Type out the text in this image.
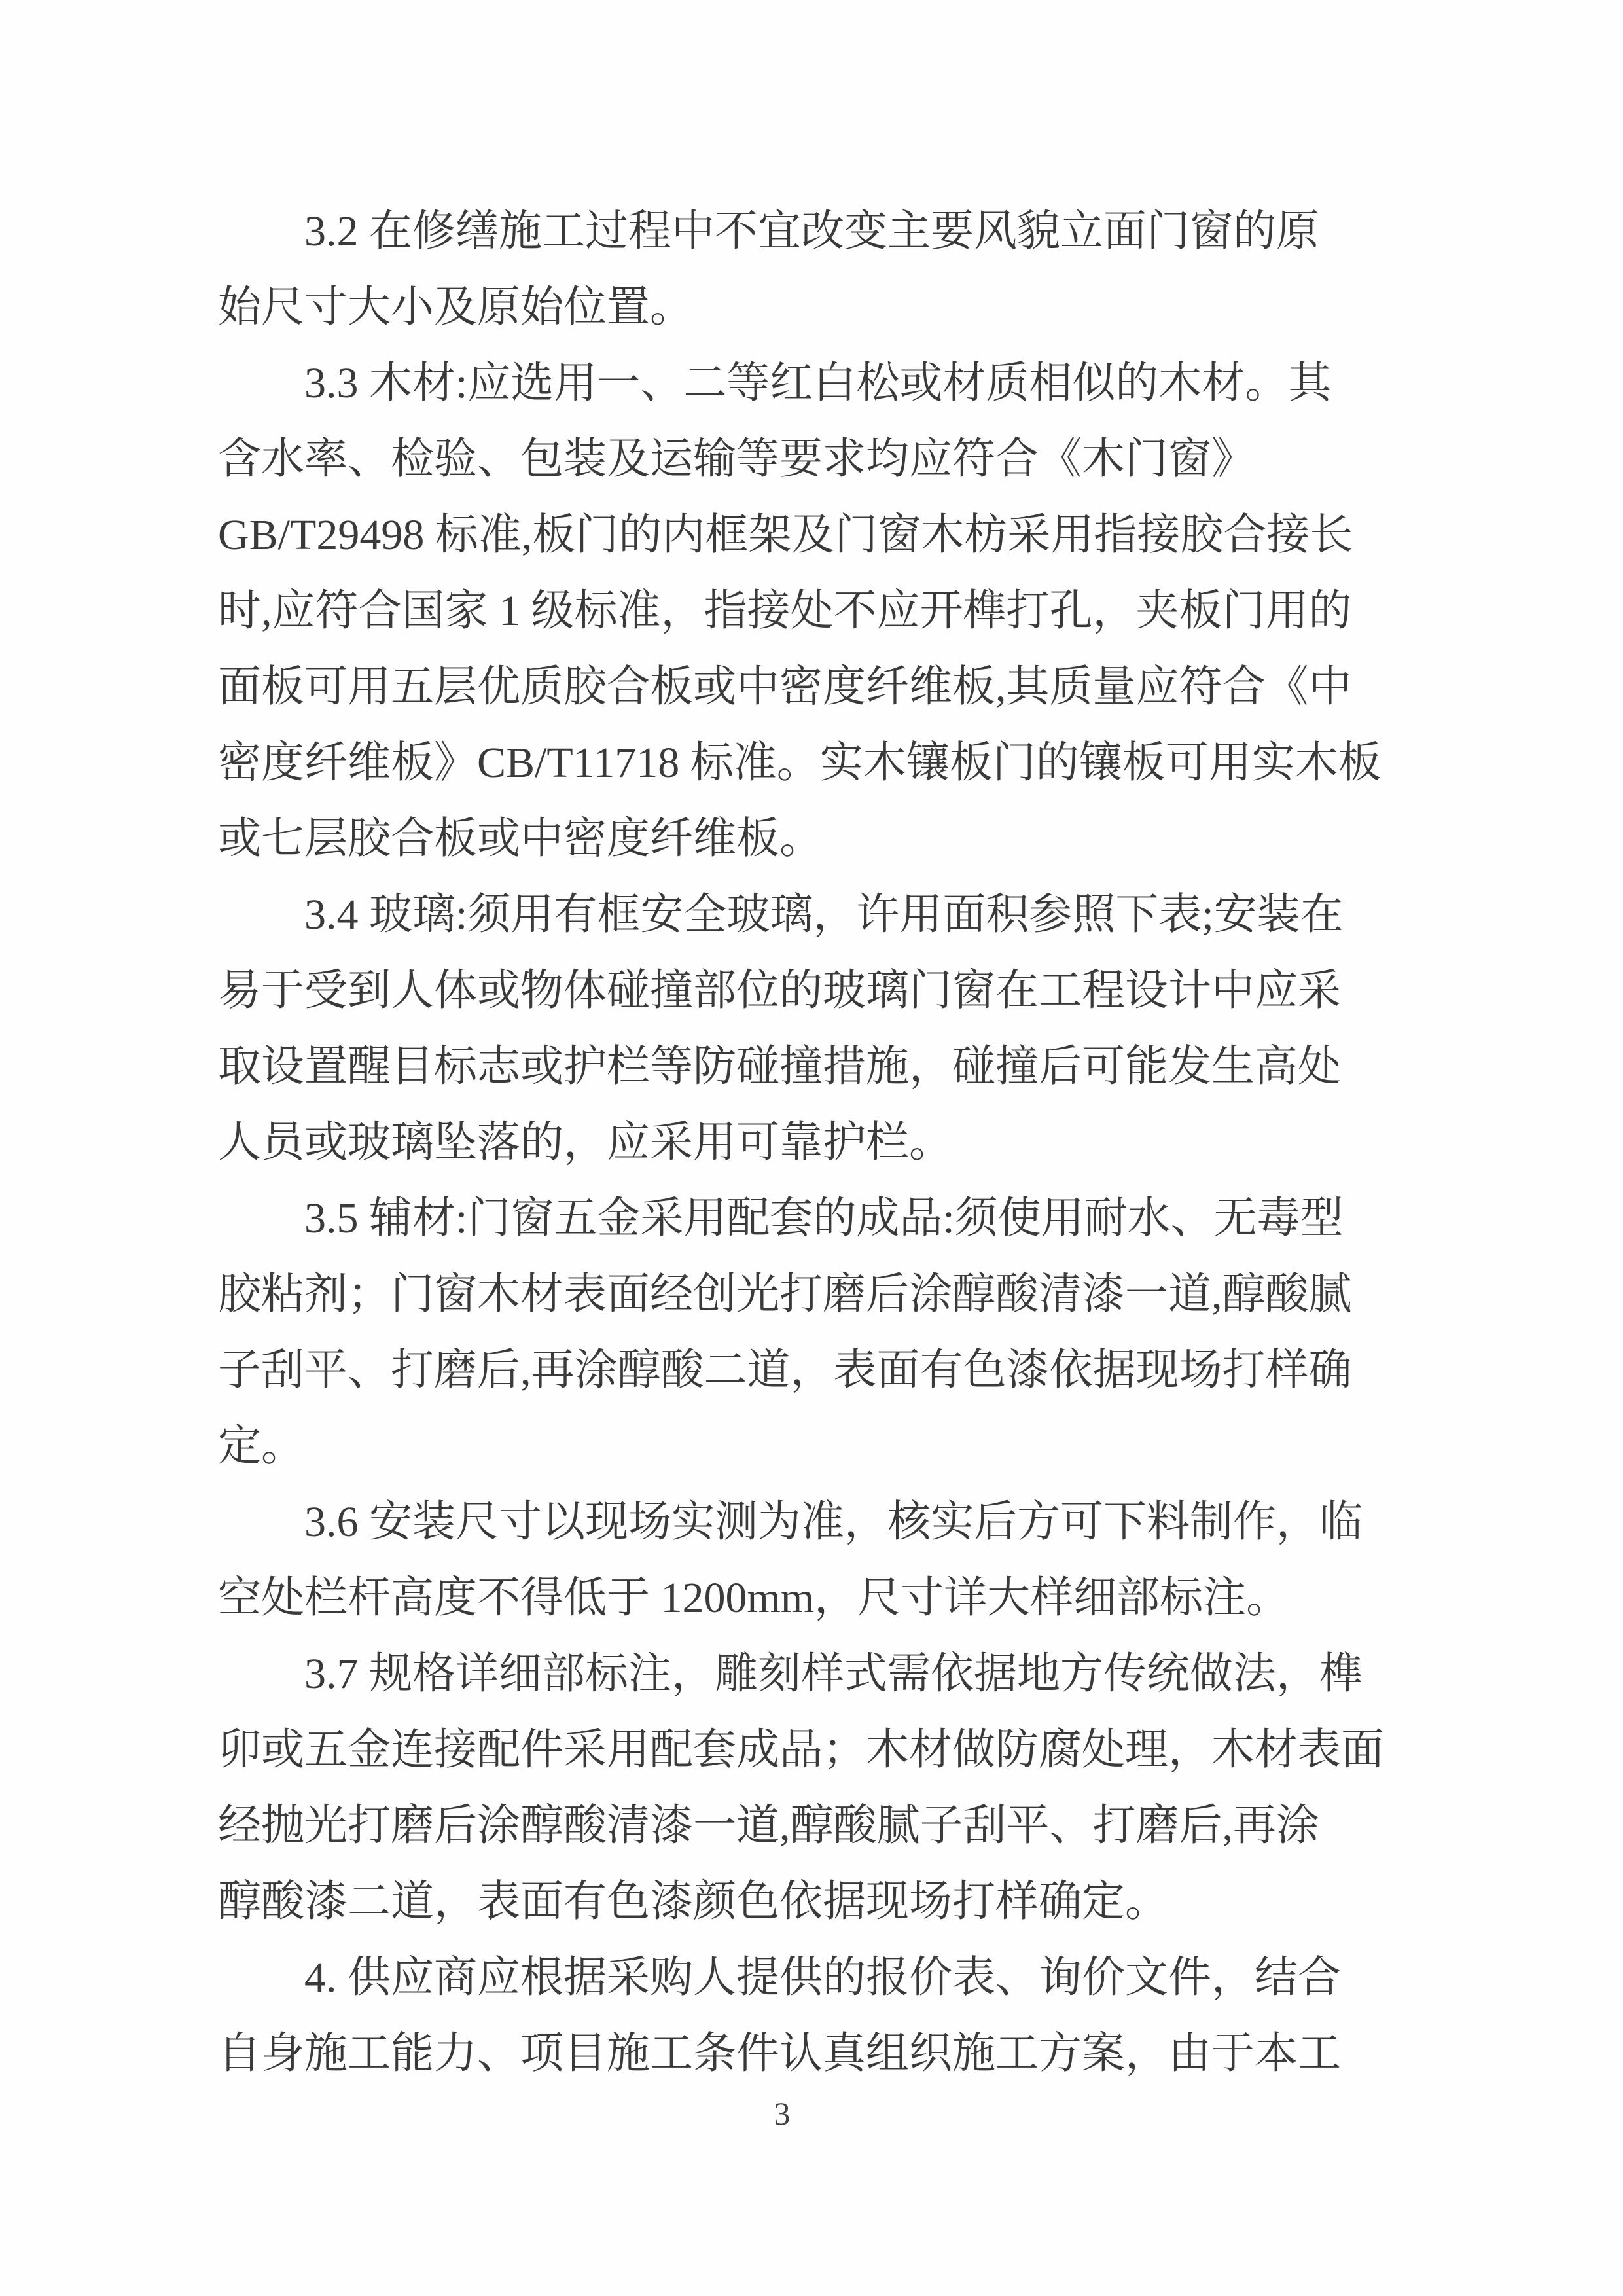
3.2 在修缮施工过程中不宜改变主要风貌立面门窗的原
始尺寸大小及原始位置。
3.3 木材:应选用一、二等红白松或材质相似的木材。其
含水率、检验、包装及运输等要求均应符合《木门窗》
GB/T29498 标准,板门的内框架及门窗木枋采用指接胶合接长
时,应符合国家 1 级标准，指接处不应开榫打孔，夹板门用的
面板可用五层优质胶合板或中密度纤维板,其质量应符合《中
密度纤维板》CB/T11718 标准。实木镶板门的镶板可用实木板
或七层胶合板或中密度纤维板。
3.4 玻璃:须用有框安全玻璃，许用面积参照下表;安装在
易于受到人体或物体碰撞部位的玻璃门窗在工程设计中应采
取设置醒目标志或护栏等防碰撞措施，碰撞后可能发生高处
人员或玻璃坠落的，应采用可靠护栏。
3.5 辅材:门窗五金采用配套的成品:须使用耐水、无毒型
胶粘剂；门窗木材表面经创光打磨后涂醇酸清漆一道,醇酸腻
子刮平、打磨后,再涂醇酸二道，表面有色漆依据现场打样确
定。
3.6 安装尺寸以现场实测为准，核实后方可下料制作，临
空处栏杆高度不得低于 1200mm，尺寸详大样细部标注。
3.7 规格详细部标注，雕刻样式需依据地方传统做法，榫
卯或五金连接配件采用配套成品；木材做防腐处理，木材表面
经抛光打磨后涂醇酸清漆一道,醇酸腻子刮平、打磨后,再涂
醇酸漆二道，表面有色漆颜色依据现场打样确定。
4. 供应商应根据采购人提供的报价表、询价文件，结合
自身施工能力、项目施工条件认真组织施工方案，由于本工
3
